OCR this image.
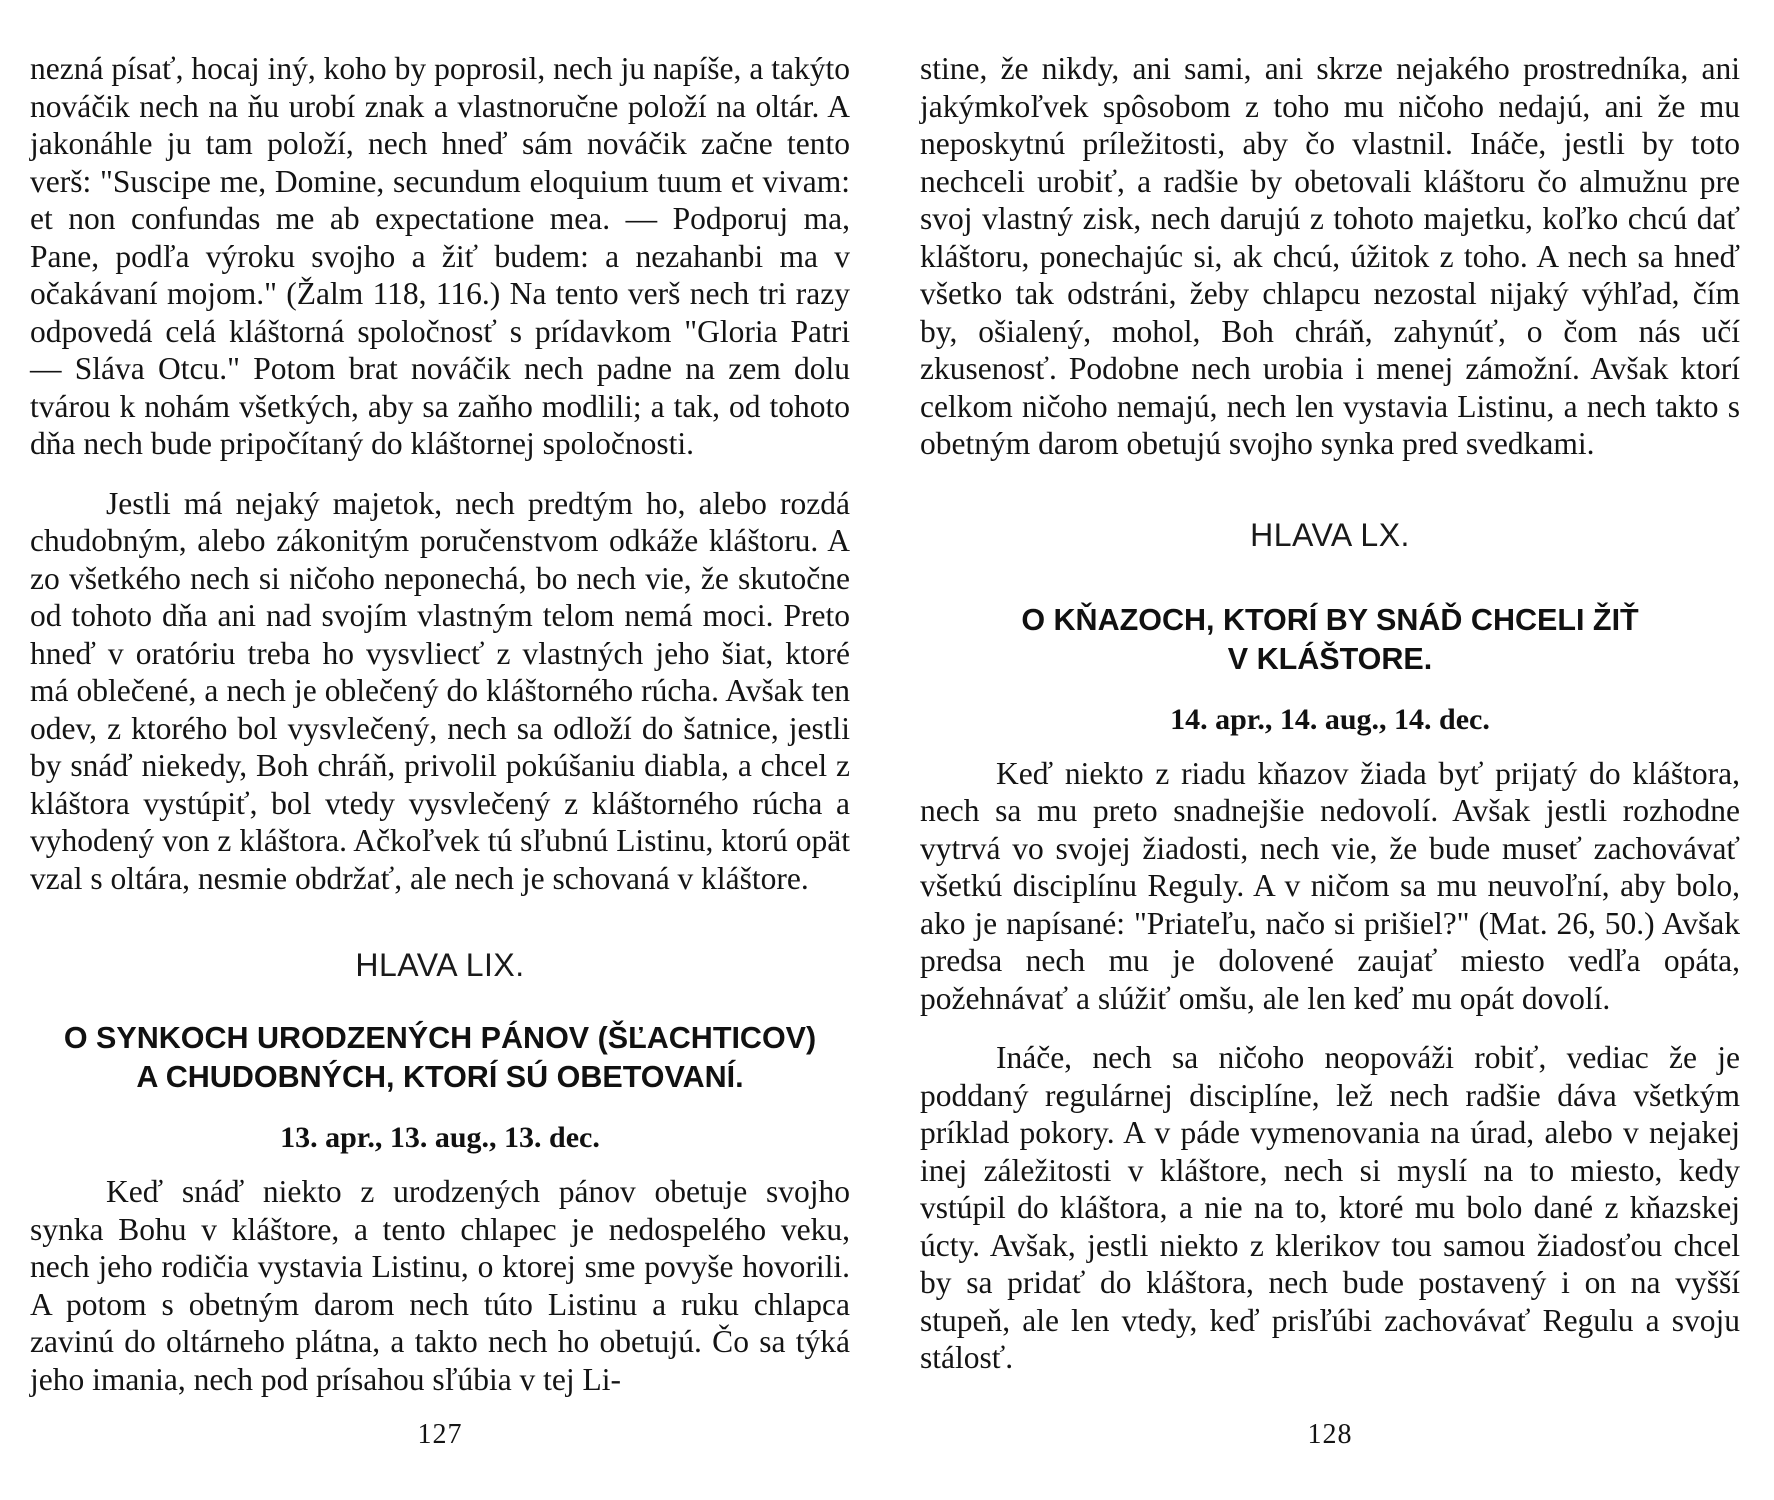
nezná písať, hocaj iný, koho by poprosil, nech ju napíše, a takýto nováčik nech na ňu urobí znak a vlastnoručne položí na oltár. A jakonáhle ju tam položí, nech hneď sám nováčik začne tento verš: "Suscipe me, Domine, secundum eloquium tuum et vivam: et non confundas me ab expectatione mea. — Podporuj ma, Pane, podľa výroku svojho a žiť budem: a nezahanbi ma v očakávaní mojom." (Žalm 118, 116.) Na tento verš nech tri razy odpovedá celá kláštorná spoločnosť s prídavkom "Gloria Patri — Sláva Otcu." Potom brat nováčik nech padne na zem dolu tvárou k nohám všetkých, aby sa zaňho modlili; a tak, od tohoto dňa nech bude pripočítaný do kláštornej spoločnosti.

Jestli má nejaký majetok, nech predtým ho, alebo rozdá chudobným, alebo zákonitým poručenstvom odkáže kláštoru. A zo všetkého nech si ničoho neponechá, bo nech vie, že skutočne od tohoto dňa ani nad svojím vlastným telom nemá moci. Preto hneď v oratóriu treba ho vysvliecť z vlastných jeho šiat, ktoré má oblečené, a nech je oblečený do kláštorného rúcha. Avšak ten odev, z ktorého bol vysvlečený, nech sa odloží do šatnice, jestli by snáď niekedy, Boh chráň, privolil pokúšaniu diabla, a chcel z kláštora vystúpiť, bol vtedy vysvlečený z kláštorného rúcha a vyhodený von z kláštora. Ačkoľvek tú sľubnú Listinu, ktorú opät vzal s oltára, nesmie obdržať, ale nech je schovaná v kláštore.

HLAVA LIX.
O SYNKOCH URODZENÝCH PÁNOV (ŠĽACHTICOV)
A CHUDOBNÝCH, KTORÍ SÚ OBETOVANÍ.
13. apr., 13. aug., 13. dec.

Keď snáď niekto z urodzených pánov obetuje svojho synka Bohu v kláštore, a tento chlapec je nedospelého veku, nech jeho rodičia vystavia Listinu, o ktorej sme povyše hovorili. A potom s obetným darom nech túto Listinu a ruku chlapca zavinú do oltárneho plátna, a takto nech ho obetujú. Čo sa týká jeho imania, nech pod prísahou sľúbia v tej Li-

127

stine, že nikdy, ani sami, ani skrze nejakého prostredníka, ani jakýmkoľvek spôsobom z toho mu ničoho nedajú, ani že mu neposkytnú príležitosti, aby čo vlastnil. Ináče, jestli by toto nechceli urobiť, a radšie by obetovali kláštoru čo almužnu pre svoj vlastný zisk, nech darujú z tohoto majetku, koľko chcú dať kláštoru, ponechajúc si, ak chcú, úžitok z toho. A nech sa hneď všetko tak odstráni, žeby chlapcu nezostal nijaký výhľad, čím by, ošialený, mohol, Boh chráň, zahynúť, o čom nás učí zkusenosť. Podobne nech urobia i menej zámožní. Avšak ktorí celkom ničoho nemajú, nech len vystavia Listinu, a nech takto s obetným darom obetujú svojho synka pred svedkami.

HLAVA LX.
O KŇAZOCH, KTORÍ BY SNÁĎ CHCELI ŽIŤ
V KLÁŠTORE.
14. apr., 14. aug., 14. dec.

Keď niekto z riadu kňazov žiada byť prijatý do kláštora, nech sa mu preto snadnejšie nedovolí. Avšak jestli rozhodne vytrvá vo svojej žiadosti, nech vie, že bude museť zachovávať všetkú disciplínu Reguly. A v ničom sa mu neuvoľní, aby bolo, ako je napísané: "Priateľu, načo si prišiel?" (Mat. 26, 50.) Avšak predsa nech mu je dolovené zaujať miesto vedľa opáta, požehnávať a slúžiť omšu, ale len keď mu opát dovolí.

Ináče, nech sa ničoho neopováži robiť, vediac že je poddaný regulárnej disciplíne, lež nech radšie dáva všetkým príklad pokory. A v páde vymenovania na úrad, alebo v nejakej inej záležitosti v kláštore, nech si myslí na to miesto, kedy vstúpil do kláštora, a nie na to, ktoré mu bolo dané z kňazskej úcty. Avšak, jestli niekto z klerikov tou samou žiadosťou chcel by sa pridať do kláštora, nech bude postavený i on na vyšší stupeň, ale len vtedy, keď prisľúbi zachovávať Regulu a svoju stálosť.

128
